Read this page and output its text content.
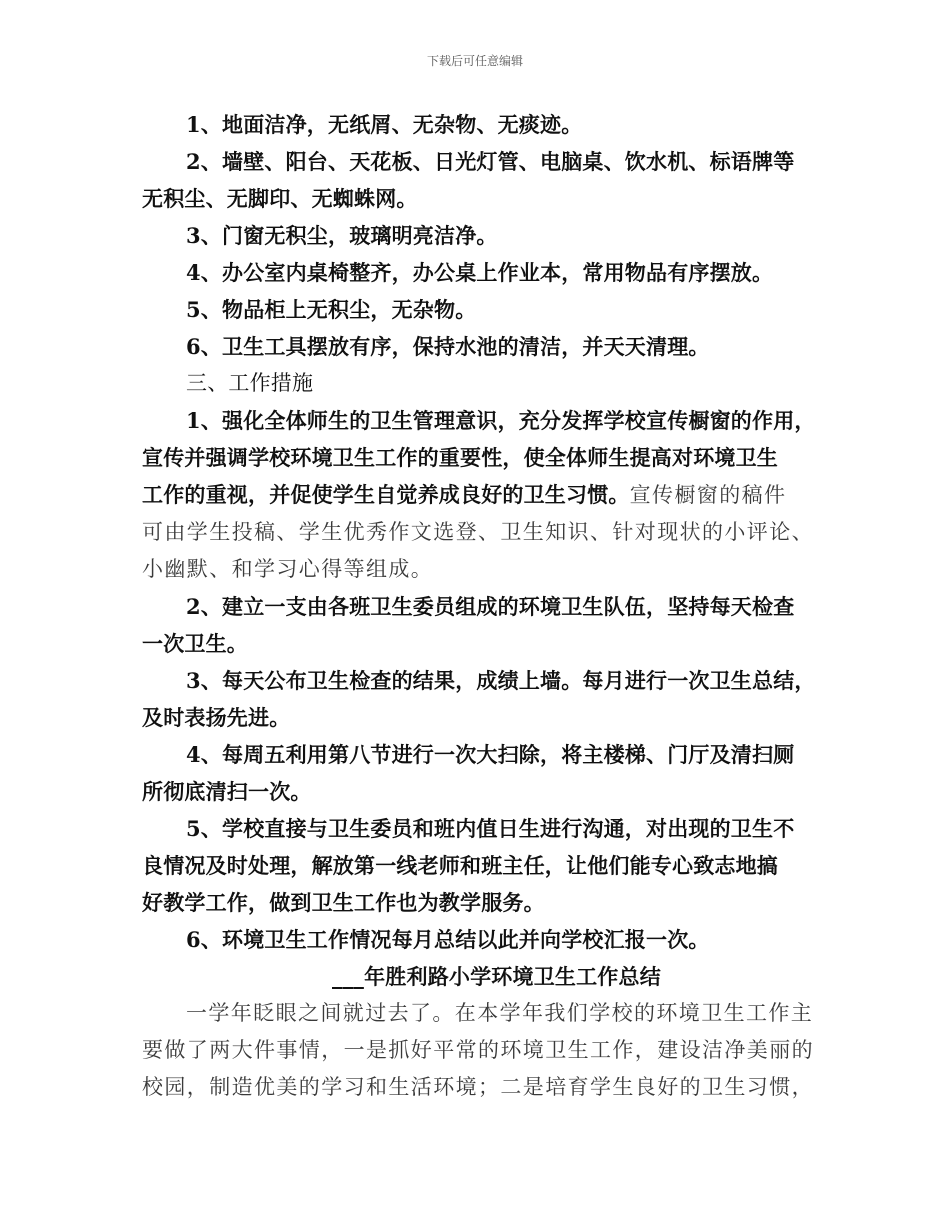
下载后可任意编辑

1、地面洁净，无纸屑、无杂物、无痰迹。

2、墙壁、阳台、天花板、日光灯管、电脑桌、饮水机、标语牌等

无积尘、无脚印、无蜘蛛网。

3、门窗无积尘，玻璃明亮洁净。

4、办公室内桌椅整齐，办公桌上作业本，常用物品有序摆放。

5、物品柜上无积尘，无杂物。

6、卫生工具摆放有序，保持水池的清洁，并天天清理。

三、工作措施

1、强化全体师生的卫生管理意识，充分发挥学校宣传橱窗的作用，

宣传并强调学校环境卫生工作的重要性，使全体师生提高对环境卫生

工作的重视，并促使学生自觉养成良好的卫生习惯。宣传橱窗的稿件

可由学生投稿、学生优秀作文选登、卫生知识、针对现状的小评论、

小幽默、和学习心得等组成。

2、建立一支由各班卫生委员组成的环境卫生队伍，坚持每天检查

一次卫生。

3、每天公布卫生检查的结果，成绩上墙。每月进行一次卫生总结，

及时表扬先进。

4、每周五利用第八节进行一次大扫除，将主楼梯、门厅及清扫厕

所彻底清扫一次。

5、学校直接与卫生委员和班内值日生进行沟通，对出现的卫生不

良情况及时处理，解放第一线老师和班主任，让他们能专心致志地搞

好教学工作，做到卫生工作也为教学服务。

6、环境卫生工作情况每月总结以此并向学校汇报一次。

___年胜利路小学环境卫生工作总结

一学年眨眼之间就过去了。在本学年我们学校的环境卫生工作主

要做了两大件事情，一是抓好平常的环境卫生工作，建设洁净美丽的

校园，制造优美的学习和生活环境；二是培育学生良好的卫生习惯，
